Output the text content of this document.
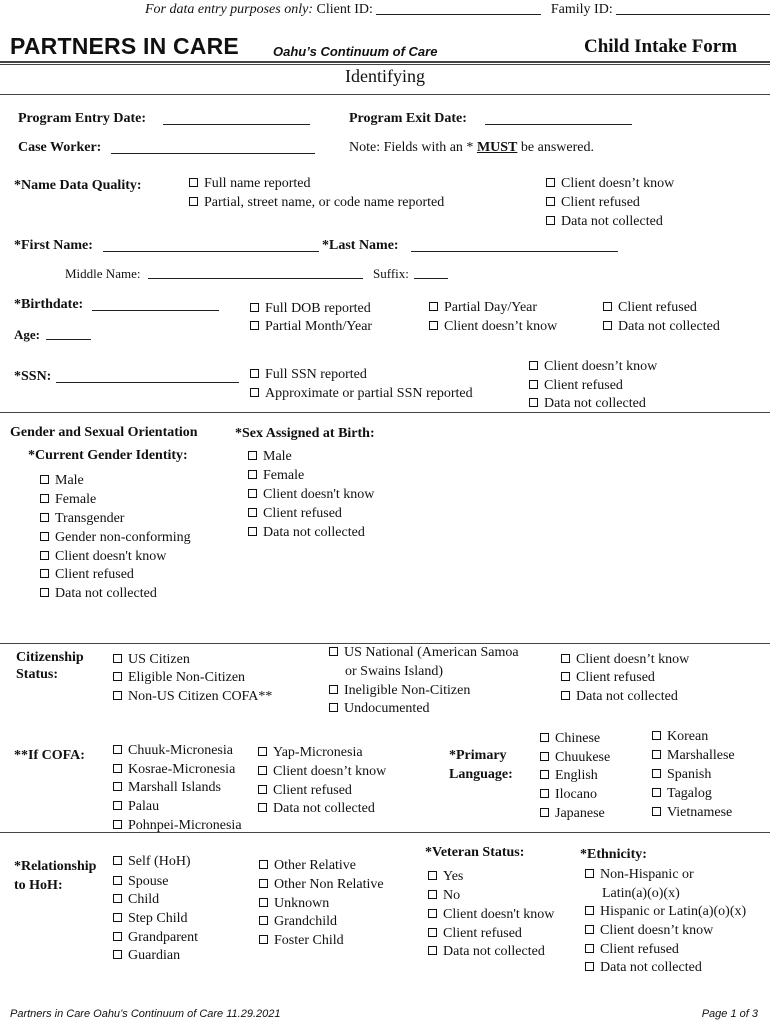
For data entry purposes only: Client ID:	Family ID:
PARTNERS IN CARE	Oahu’s Continuum of Care	Child Intake Form
Identifying
Program Entry Date:	Program Exit Date:
Case Worker:	Note: Fields with an * MUST be answered.
*Name Data Quality:	Full name reported
Partial, street name, or code name reported
Client doesn’t know
Client refused
Data not collected
*First Name:	*Last Name:
Middle Name:	Suffix:
*Birthdate:
Age:
Full DOB reported
Partial Month/Year
Partial Day/Year
Client doesn’t know
Client refused
Data not collected
*SSN:	Full SSN reported
Approximate or partial SSN reported
Client doesn’t know
Client refused
Data not collected
Gender and Sexual Orientation
*Current Gender Identity:
Male
Female
Transgender
Gender non-conforming
Client doesn't know
Client refused
Data not collected
*Sex Assigned at Birth:
Male
Female
Client doesn't know
Client refused
Data not collected
Citizenship
Status:
US Citizen
Eligible Non-Citizen
Non-US Citizen COFA**
US National (American Samoa
or Swains Island)
Ineligible Non-Citizen
Undocumented
Client doesn’t know
Client refused
Data not collected
**If COFA:	Chuuk-Micronesia
Kosrae-Micronesia
Marshall Islands
Palau
Pohnpei-Micronesia
Yap-Micronesia
Client doesn’t know
Client refused
Data not collected
*Primary
Language:
Chinese
Chuukese
English
Ilocano
Japanese
Korean
Marshallese
Spanish
Tagalog
Vietnamese
*Relationship
to HoH:
Self (HoH)
Spouse
Child
Step Child
Grandparent
Guardian
Other Relative
Other Non Relative
Unknown
Grandchild
Foster Child
*Veteran Status:
Yes
No
Client doesn't know
Client refused
Data not collected
*Ethnicity:
Non-Hispanic or
Latin(a)(o)(x)
Hispanic or Latin(a)(o)(x)
Client doesn’t know
Client refused
Data not collected
Partners in Care Oahu’s Continuum of Care 11.29.2021	Page 1 of 3
